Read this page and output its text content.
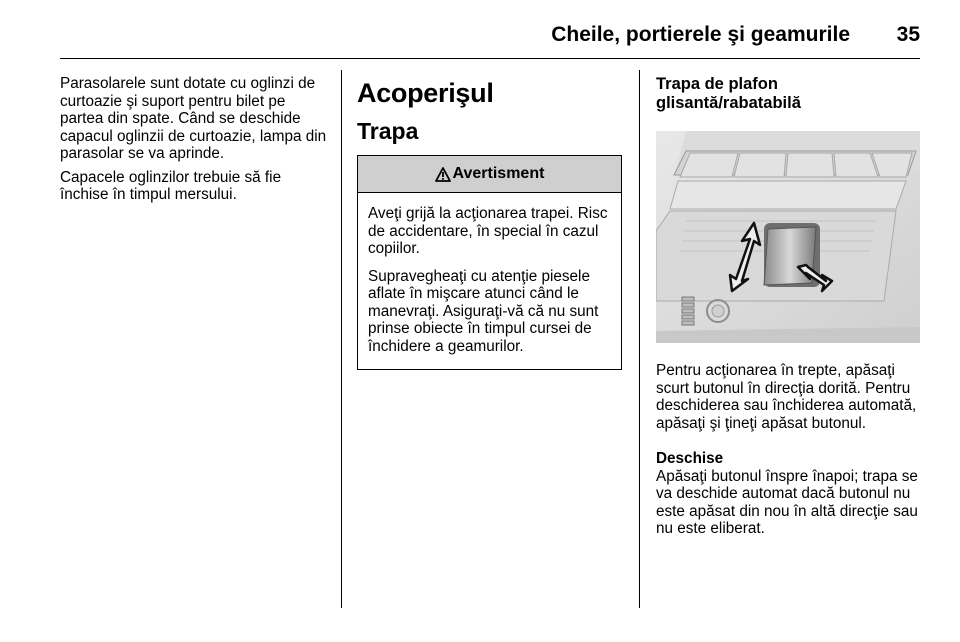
Cheile, portierele şi geamurile 35

Parasolarele sunt dotate cu oglinzi de curtoazie şi suport pentru bilet pe partea din spate. Când se deschide capacul oglinzii de curtoazie, lampa din parasolar se va aprinde.

Capacele oglinzilor trebuie să fie închise în timpul mersului.

Acoperişul
Trapa
Avertisment

Aveţi grijă la acţionarea trapei. Risc de accidentare, în special în cazul copiilor.

Supravegheaţi cu atenţie piesele aflate în mişcare atunci când le manevraţi. Asiguraţi-vă că nu sunt prinse obiecte în timpul cursei de închidere a geamurilor.

Trapa de plafon
glisantă/rabatabilă

Pentru acţionarea în trepte, apăsaţi scurt butonul în direcţia dorită. Pentru deschiderea sau închiderea automată, apăsaţi şi ţineţi apăsat butonul.

Deschise

Apăsaţi butonul înspre înapoi; trapa se va deschide automat dacă butonul nu este apăsat din nou în altă direcţie sau nu este eliberat.
